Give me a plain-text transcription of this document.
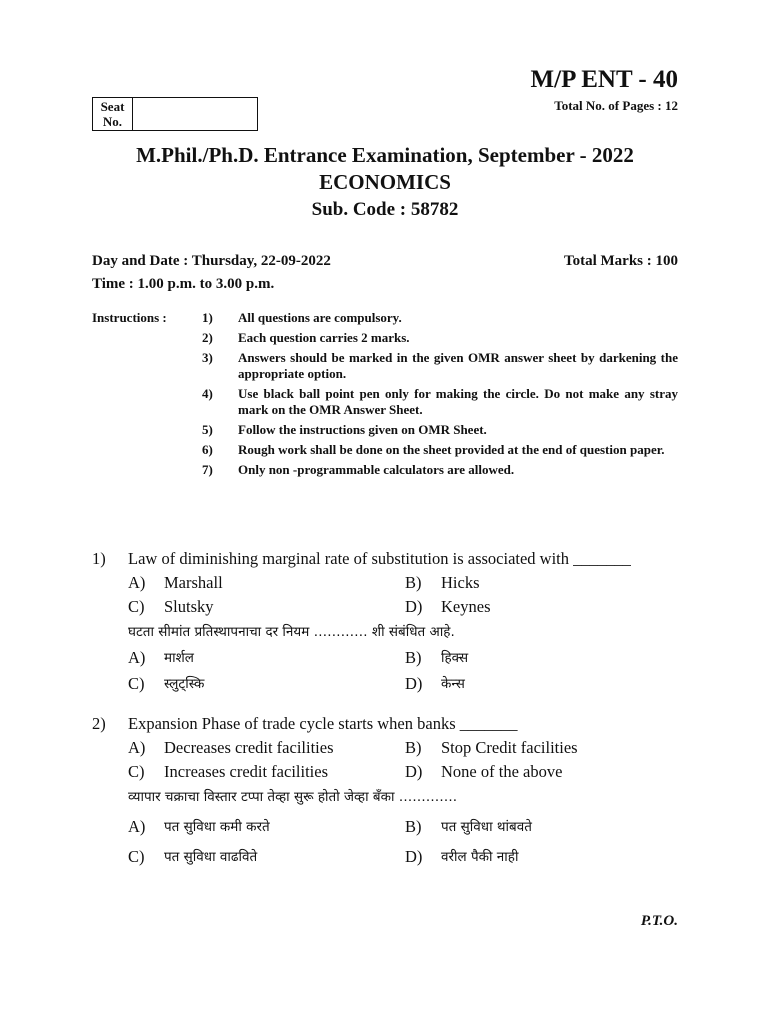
M/P ENT - 40
Total No. of Pages : 12
Seat
No.
M.Phil./Ph.D. Entrance Examination, September - 2022
ECONOMICS
Sub. Code : 58782
Day and Date : Thursday, 22-09-2022	Total Marks : 100
Time : 1.00 p.m. to 3.00 p.m.
Instructions :	1)	All questions are compulsory.
2)	Each question carries 2 marks.
3)	Answers should be marked in the given OMR answer sheet by darkening the appropriate option.
4)	Use black ball point pen only for making the circle. Do not make any stray mark on the OMR Answer Sheet.
5)	Follow the instructions given on OMR Sheet.
6)	Rough work shall be done on the sheet provided at the end of question paper.
7)	Only non -programmable calculators are allowed.
1)	Law of diminishing marginal rate of substitution is associated with _______
A)	Marshall	B)	Hicks
C)	Slutsky	D)	Keynes
घटता सीमांत प्रतिस्थापनाचा दर नियम ………… शी संबंधित आहे.
A)	मार्शल	B)	हिक्स
C)	स्लुट्स्कि	D)	केन्स
2)	Expansion Phase of trade cycle starts when banks _______
A)	Decreases credit facilities	B)	Stop Credit facilities
C)	Increases credit facilities	D)	None of the above
व्यापार चक्राचा विस्तार टप्पा तेव्हा सुरू होतो जेव्हा बँका ………….
A)	पत सुविधा कमी करते	B)	पत सुविधा थांबवते
C)	पत सुविधा वाढविते	D)	वरील पैकी नाही
P.T.O.
